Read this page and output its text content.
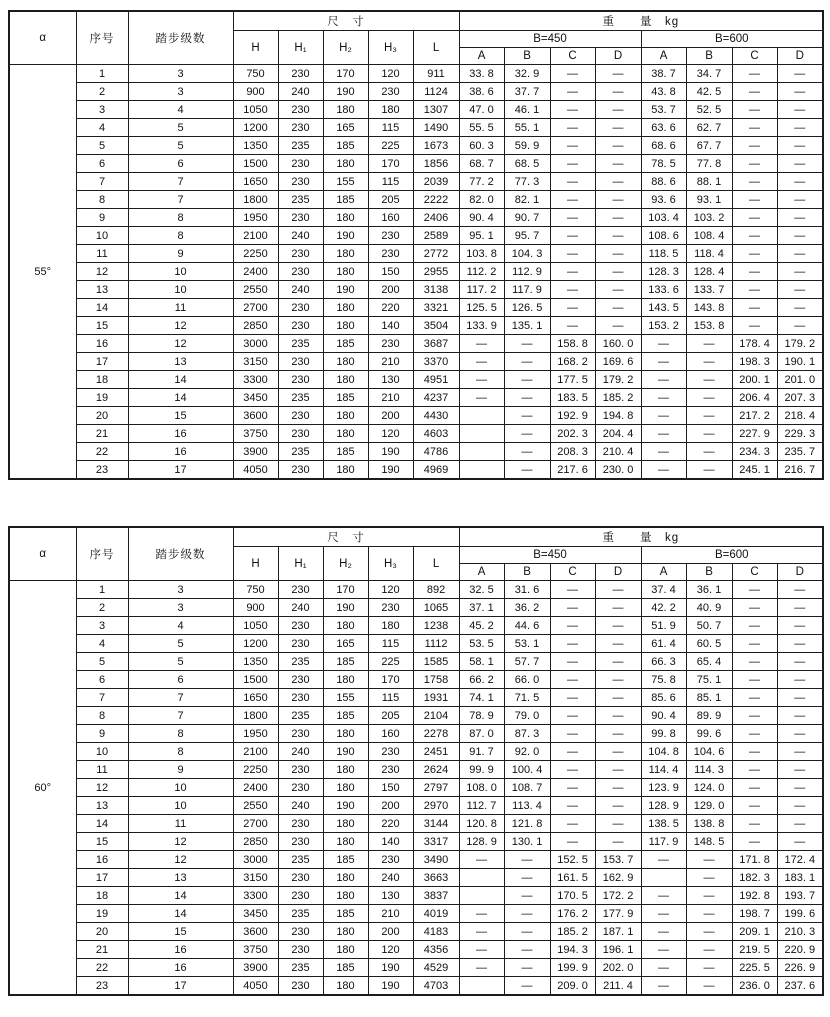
α	序号	踏步级数	尺　寸					重　　量　kg							
			H	H₁	H₂	H₃	L	B=450				B=600			
								A	B	C	D	A	B	C	D
55°	1	3	750	230	170	120	911	33. 8	32. 9	—	—	38. 7	34. 7	—	—
	2	3	900	240	190	230	1124	38. 6	37. 7	—	—	43. 8	42. 5	—	—
	3	4	1050	230	180	180	1307	47. 0	46. 1	—	—	53. 7	52. 5	—	—
	4	5	1200	230	165	115	1490	55. 5	55. 1	—	—	63. 6	62. 7	—	—
	5	5	1350	235	185	225	1673	60. 3	59. 9	—	—	68. 6	67. 7	—	—
	6	6	1500	230	180	170	1856	68. 7	68. 5	—	—	78. 5	77. 8	—	—
	7	7	1650	230	155	115	2039	77. 2	77. 3	—	—	88. 6	88. 1	—	—
	8	7	1800	235	185	205	2222	82. 0	82. 1	—	—	93. 6	93. 1	—	—
	9	8	1950	230	180	160	2406	90. 4	90. 7	—	—	103. 4	103. 2	—	—
	10	8	2100	240	190	230	2589	95. 1	95. 7	—	—	108. 6	108. 4	—	—
	11	9	2250	230	180	230	2772	103. 8	104. 3	—	—	118. 5	118. 4	—	—
	12	10	2400	230	180	150	2955	112. 2	112. 9	—	—	128. 3	128. 4	—	—
	13	10	2550	240	190	200	3138	117. 2	117. 9	—	—	133. 6	133. 7	—	—
	14	11	2700	230	180	220	3321	125. 5	126. 5	—	—	143. 5	143. 8	—	—
	15	12	2850	230	180	140	3504	133. 9	135. 1	—	—	153. 2	153. 8	—	—
	16	12	3000	235	185	230	3687	—	—	158. 8	160. 0	—	—	178. 4	179. 2
	17	13	3150	230	180	210	3370	—	—	168. 2	169. 6	—	—	198. 3	190. 1
	18	14	3300	230	180	130	4951	—	—	177. 5	179. 2	—	—	200. 1	201. 0
	19	14	3450	235	185	210	4237	—	—	183. 5	185. 2	—	—	206. 4	207. 3
	20	15	3600	230	180	200	4430		—	192. 9	194. 8	—	—	217. 2	218. 4
	21	16	3750	230	180	120	4603		—	202. 3	204. 4	—	—	227. 9	229. 3
	22	16	3900	235	185	190	4786		—	208. 3	210. 4	—	—	234. 3	235. 7
	23	17	4050	230	180	190	4969		—	217. 6	230. 0	—	—	245. 1	216. 7
α	序号	踏步级数	尺　寸					重　　量　kg							
			H	H₁	H₂	H₃	L	B=450				B=600			
								A	B	C	D	A	B	C	D
60°	1	3	750	230	170	120	892	32. 5	31. 6	—	—	37. 4	36. 1	—	—
	2	3	900	240	190	230	1065	37. 1	36. 2	—	—	42. 2	40. 9	—	—
	3	4	1050	230	180	180	1238	45. 2	44. 6	—	—	51. 9	50. 7	—	—
	4	5	1200	230	165	115	1112	53. 5	53. 1	—	—	61. 4	60. 5	—	—
	5	5	1350	235	185	225	1585	58. 1	57. 7	—	—	66. 3	65. 4	—	—
	6	6	1500	230	180	170	1758	66. 2	66. 0	—	—	75. 8	75. 1	—	—
	7	7	1650	230	155	115	1931	74. 1	71. 5	—	—	85. 6	85. 1	—	—
	8	7	1800	235	185	205	2104	78. 9	79. 0	—	—	90. 4	89. 9	—	—
	9	8	1950	230	180	160	2278	87. 0	87. 3	—	—	99. 8	99. 6	—	—
	10	8	2100	240	190	230	2451	91. 7	92. 0	—	—	104. 8	104. 6	—	—
	11	9	2250	230	180	230	2624	99. 9	100. 4	—	—	114. 4	114. 3	—	—
	12	10	2400	230	180	150	2797	108. 0	108. 7	—	—	123. 9	124. 0	—	—
	13	10	2550	240	190	200	2970	112. 7	113. 4	—	—	128. 9	129. 0	—	—
	14	11	2700	230	180	220	3144	120. 8	121. 8	—	—	138. 5	138. 8	—	—
	15	12	2850	230	180	140	3317	128. 9	130. 1	—	—	117. 9	148. 5	—	—
	16	12	3000	235	185	230	3490	—	—	152. 5	153. 7	—	—	171. 8	172. 4
	17	13	3150	230	180	240	3663		—	161. 5	162. 9		—	182. 3	183. 1
	18	14	3300	230	180	130	3837		—	170. 5	172. 2	—	—	192. 8	193. 7
	19	14	3450	235	185	210	4019	—	—	176. 2	177. 9	—	—	198. 7	199. 6
	20	15	3600	230	180	200	4183	—	—	185. 2	187. 1	—	—	209. 1	210. 3
	21	16	3750	230	180	120	4356	—	—	194. 3	196. 1	—	—	219. 5	220. 9
	22	16	3900	235	185	190	4529	—	—	199. 9	202. 0	—	—	225. 5	226. 9
	23	17	4050	230	180	190	4703		—	209. 0	211. 4	—	—	236. 0	237. 6
